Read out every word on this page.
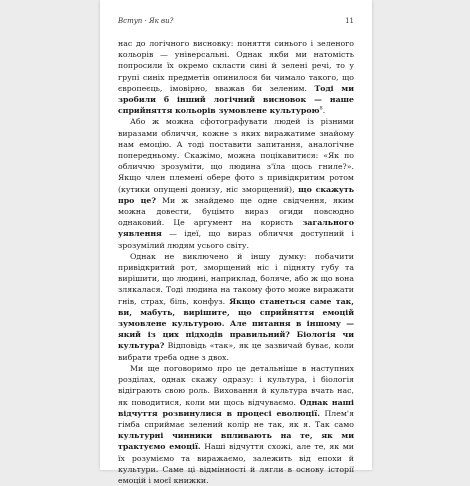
Вступ · Як ви?	11

нас до логічного висновку: поняття синього і зеленого кольорів — універсальні. Однак якби ми натомість попросили їх окремо скласти сині й зелені речі, то у групі синіх предметів опинилося би чимало такого, що європеєць, імовірно, вважав би зеленим. Тоді ми зробили б інший логічний висновок — наше сприйняття кольорів зумовлене культурою$^8$.

Або ж можна сфотографувати людей із різними виразами обличчя, кожне з яких виражатиме знайому нам емоцію. А тоді поставити запитання, аналогічне попередньому. Скажімо, можна поцікавитися: «Як по обличчю зрозуміти, що людина з'їла щось гниле?». Якщо член племені обере фото з привідкритим ротом (кутики опущені донизу, ніс зморщений), що скажуть про це? Ми ж знайдемо ще одне свідчення, яким можна довести, буцімто вираз огиди повсюдно однаковий. Це аргумент на користь загального уявлення — ідеї, що вираз обличчя доступний і зрозумілий людям усього світу.

Однак не виключено й іншу думку: побачити привідкритий рот, зморщений ніс і підняту губу та вирішити, що людині, наприклад, боляче, або ж що вона злякалася. Тоді людина на такому фото може виражати гнів, страх, біль, конфуз. Якщо станеться саме так, ви, мабуть, вирішите, що сприйняття емоцій зумовлене культурою. Але питання в іншому — який із цих підходів правильний? Біологія чи культура? Відповідь «так», як це зазвичай буває, коли вибрати треба одне з двох.

Ми ще поговоримо про це детальніше в наступних розділах, однак скажу одразу: і культура, і біологія відіграють свою роль. Виховання й культура вчать нас, як поводитися, коли ми щось відчуваємо. Однак наші відчуття розвинулися в процесі еволюції. Плем'я гімба сприймає зелений колір не так, як я. Так само культурні чинники впливають на те, як ми трактуємо емоції. Наші відчуття схожі, але те, як ми їх розуміємо та виражаємо, залежить від епохи й культури. Саме ці відмінності й лягли в основу історії емоцій і моєї книжки.
